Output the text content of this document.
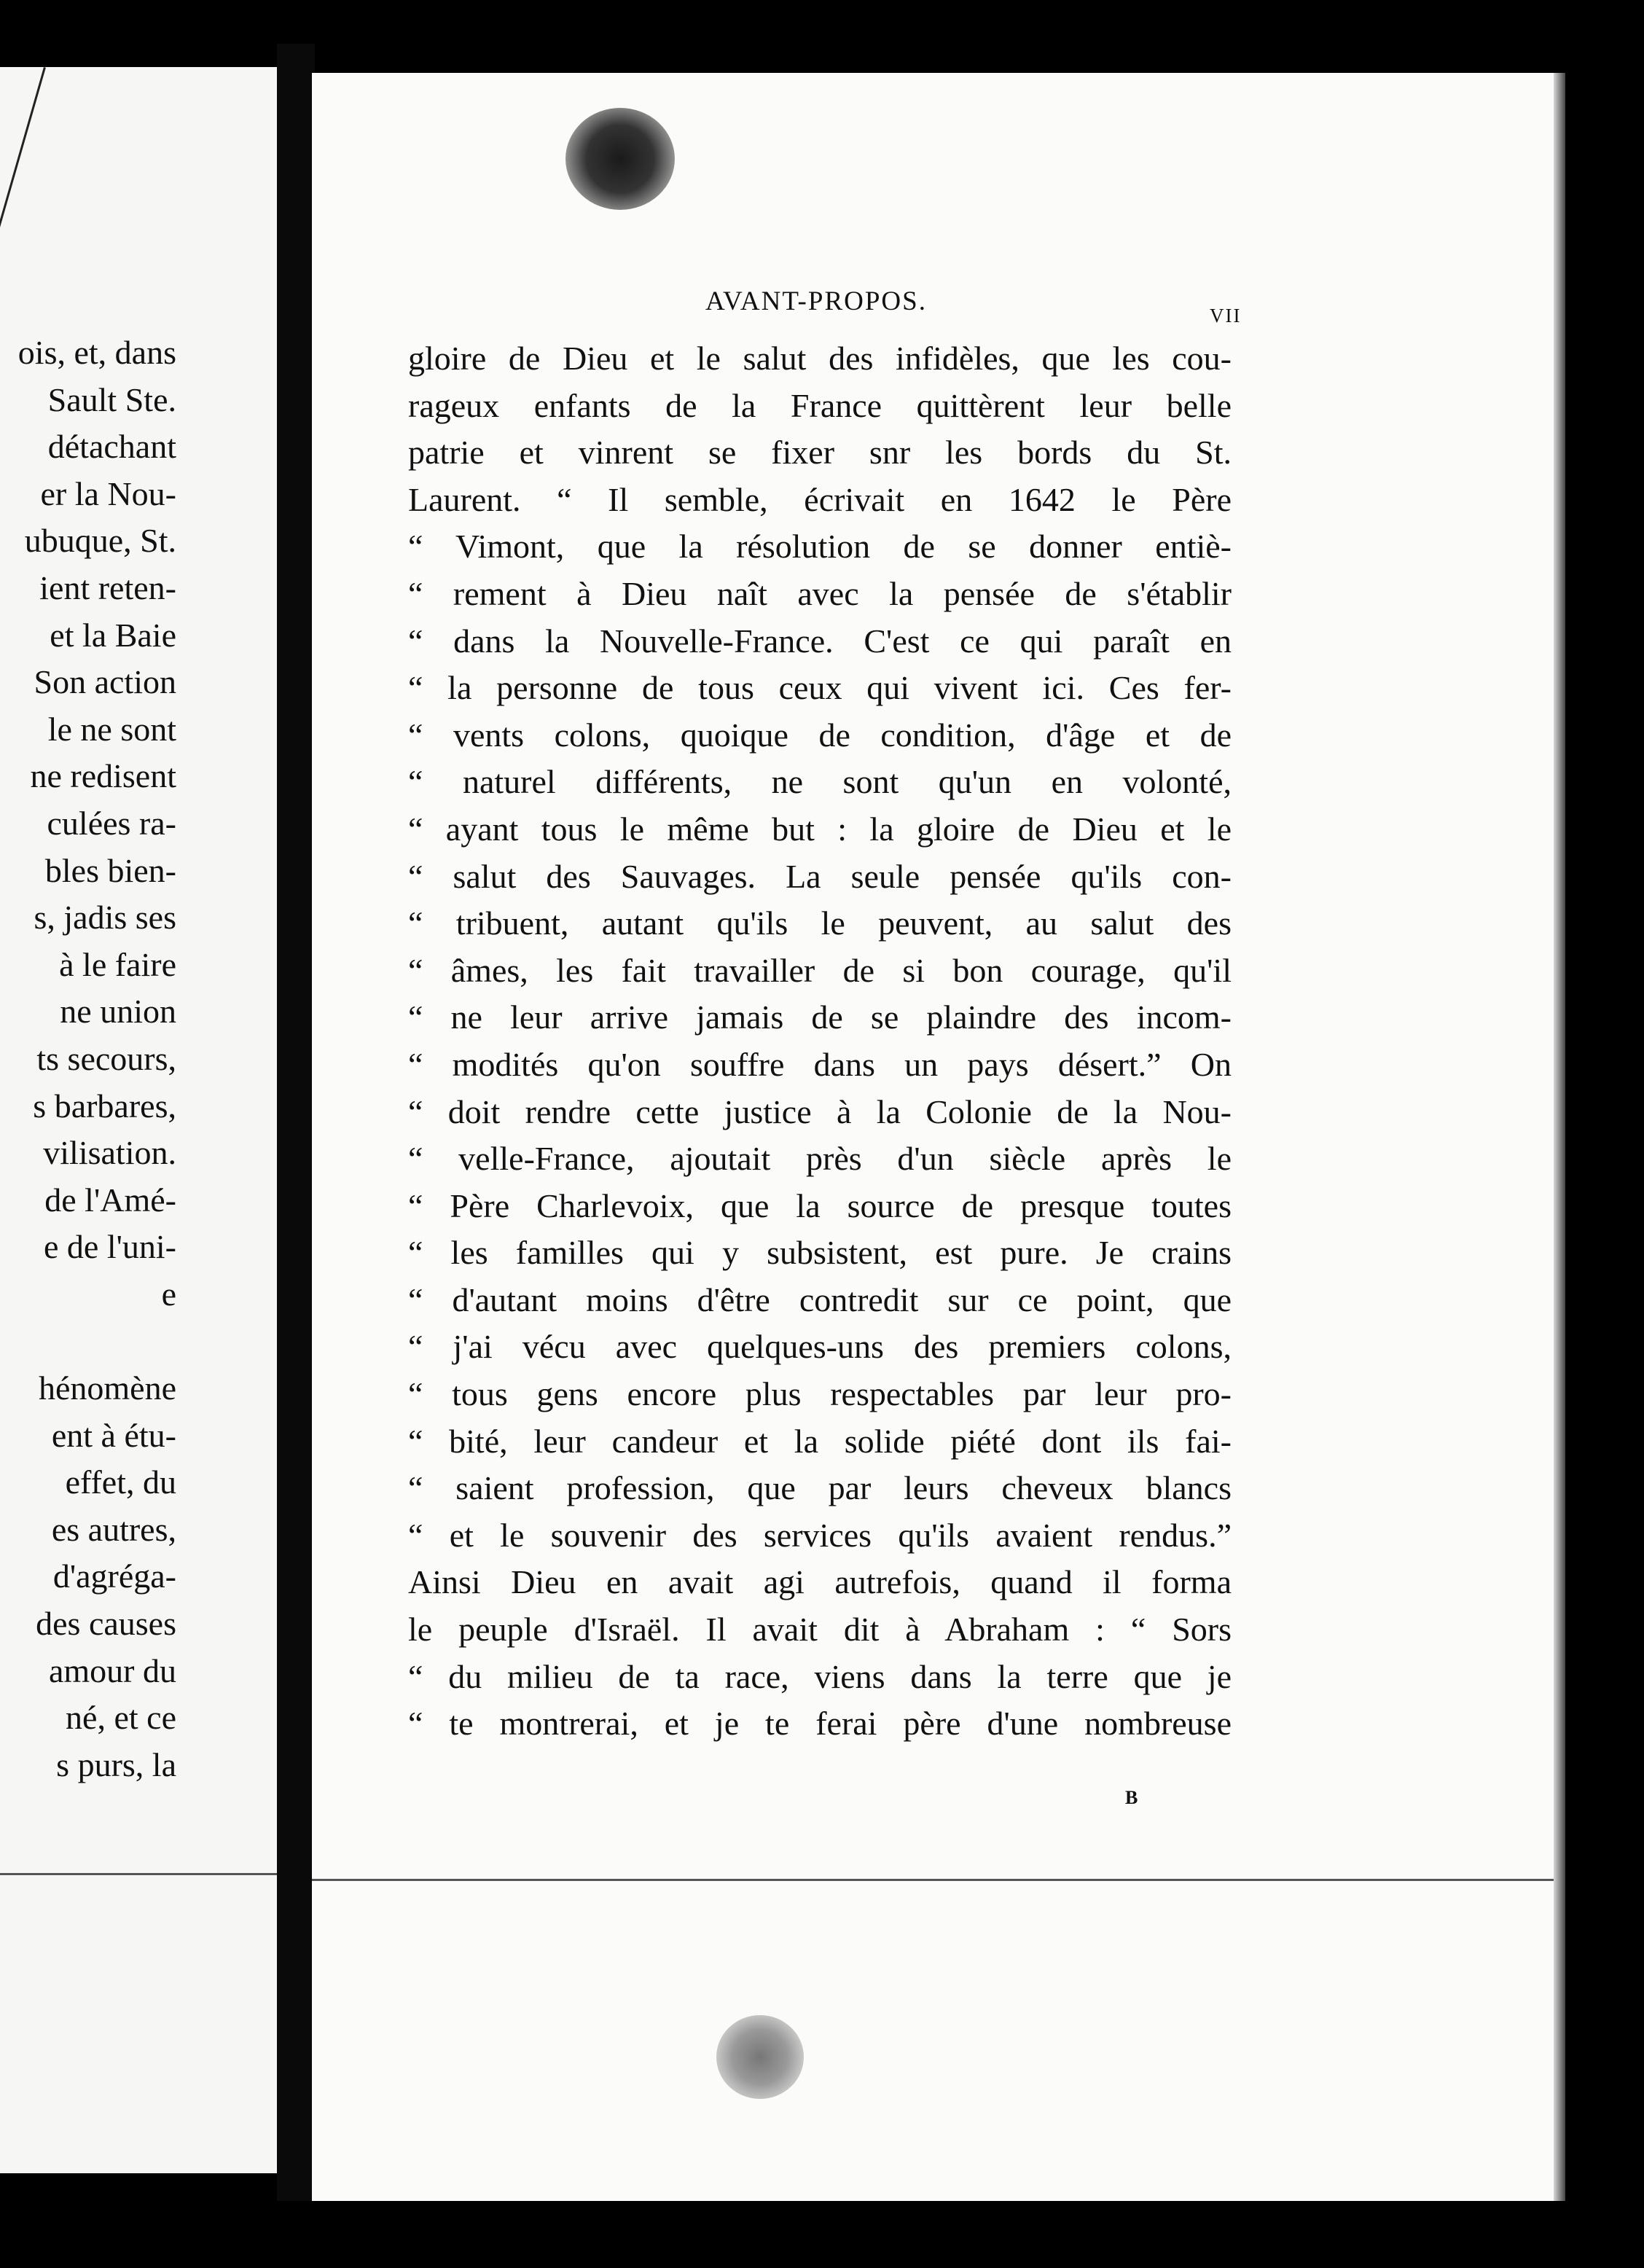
ois, et, dans
Sault Ste.
détachant
er la Nou-
ubuque, St.
ient reten-
et la Baie
Son action
le ne sont
ne redisent
culées ra-
bles bien-
s, jadis ses
à le faire
ne union
ts secours,
s barbares,
vilisation.
de l'Amé-
e de l'uni-
e
hénomène
ent à étu-
effet, du
es autres,
d'agréga-
des causes
amour du
né, et ce
s purs, la
AVANT-PROPOS.	VII
gloire de Dieu et le salut des infidèles, que les cou-
rageux enfants de la France quittèrent leur belle
patrie et vinrent se fixer snr les bords du St.
Laurent. “ Il semble, écrivait en 1642 le Père
“ Vimont, que la résolution de se donner entiè-
“ rement à Dieu naît avec la pensée de s'établir
“ dans la Nouvelle-France. C'est ce qui paraît en
“ la personne de tous ceux qui vivent ici. Ces fer-
“ vents colons, quoique de condition, d'âge et de
“ naturel différents, ne sont qu'un en volonté,
“ ayant tous le même but : la gloire de Dieu et le
“ salut des Sauvages. La seule pensée qu'ils con-
“ tribuent, autant qu'ils le peuvent, au salut des
“ âmes, les fait travailler de si bon courage, qu'il
“ ne leur arrive jamais de se plaindre des incom-
“ modités qu'on souffre dans un pays désert.” On
“ doit rendre cette justice à la Colonie de la Nou-
“ velle-France, ajoutait près d'un siècle après le
“ Père Charlevoix, que la source de presque toutes
“ les familles qui y subsistent, est pure. Je crains
“ d'autant moins d'être contredit sur ce point, que
“ j'ai vécu avec quelques-uns des premiers colons,
“ tous gens encore plus respectables par leur pro-
“ bité, leur candeur et la solide piété dont ils fai-
“ saient profession, que par leurs cheveux blancs
“ et le souvenir des services qu'ils avaient rendus.”
Ainsi Dieu en avait agi autrefois, quand il forma
le peuple d'Israël. Il avait dit à Abraham : “ Sors
“ du milieu de ta race, viens dans la terre que je
“ te montrerai, et je te ferai père d'une nombreuse
B
